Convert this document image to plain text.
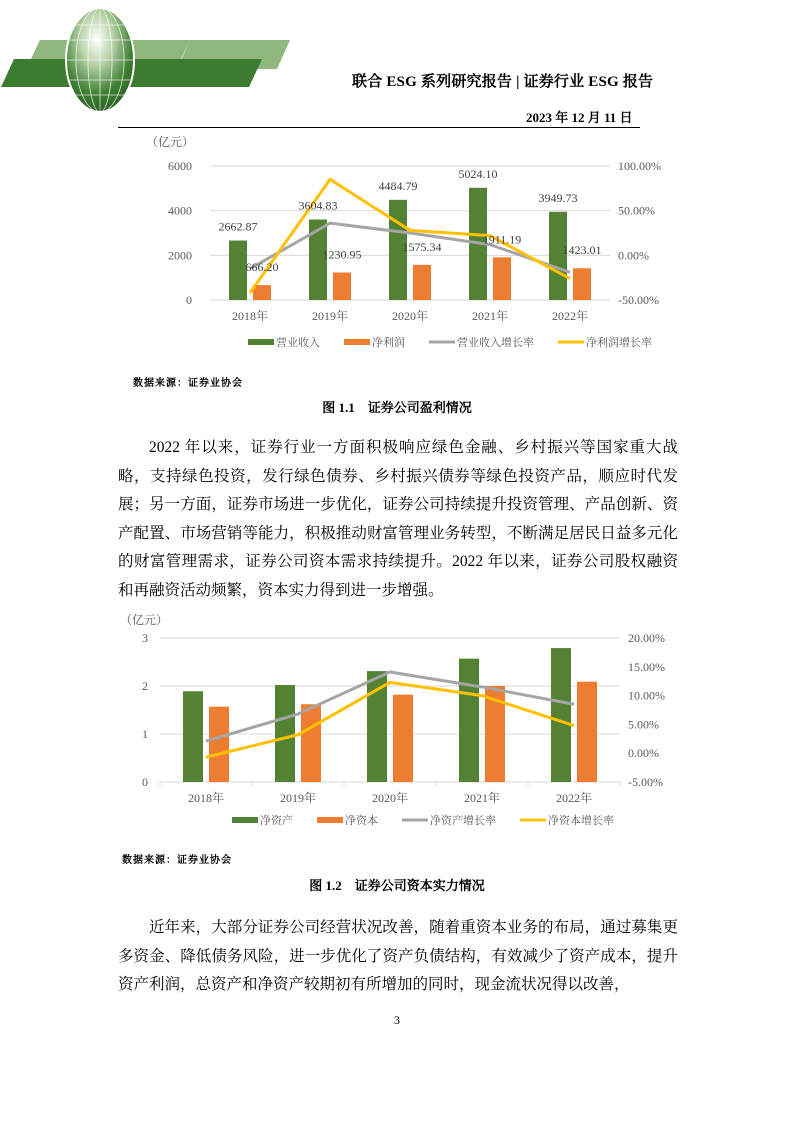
联合 ESG 系列研究报告 | 证券行业 ESG 报告
2023 年 12 月 11 日
（亿元）
0
2000
4000
6000
-50.00%
0.00%
50.00%
100.00%
2018年	2019年	2020年	2021年	2022年
2662.87
3604.83
4484.79
5024.10
3949.73
666.20
1230.95
1575.34
1911.19
1423.01
营业收入	净利润	营业收入增长率	净利润增长率
数据来源：证券业协会
图 1.1　证券公司盈利情况

2022 年以来，证券行业一方面积极响应绿色金融、乡村振兴等国家重大战略，支持绿色投资，发行绿色债券、乡村振兴债券等绿色投资产品，顺应时代发展；另一方面，证券市场进一步优化，证券公司持续提升投资管理、产品创新、资产配置、市场营销等能力，积极推动财富管理业务转型，不断满足居民日益多元化的财富管理需求，证券公司资本需求持续提升。2022 年以来，证券公司股权融资和再融资活动频繁，资本实力得到进一步增强。

（亿元）
0
1
2
3
-5.00%
0.00%
5.00%
10.00%
15.00%
20.00%
2018年	2019年	2020年	2021年	2022年
净资产	净资本	净资产增长率	净资本增长率
数据来源：证券业协会
图 1.2　证券公司资本实力情况

近年来，大部分证券公司经营状况改善，随着重资本业务的布局，通过募集更多资金、降低债务风险，进一步优化了资产负债结构，有效减少了资产成本，提升资产利润，总资产和净资产较期初有所增加的同时，现金流状况得以改善，

3
